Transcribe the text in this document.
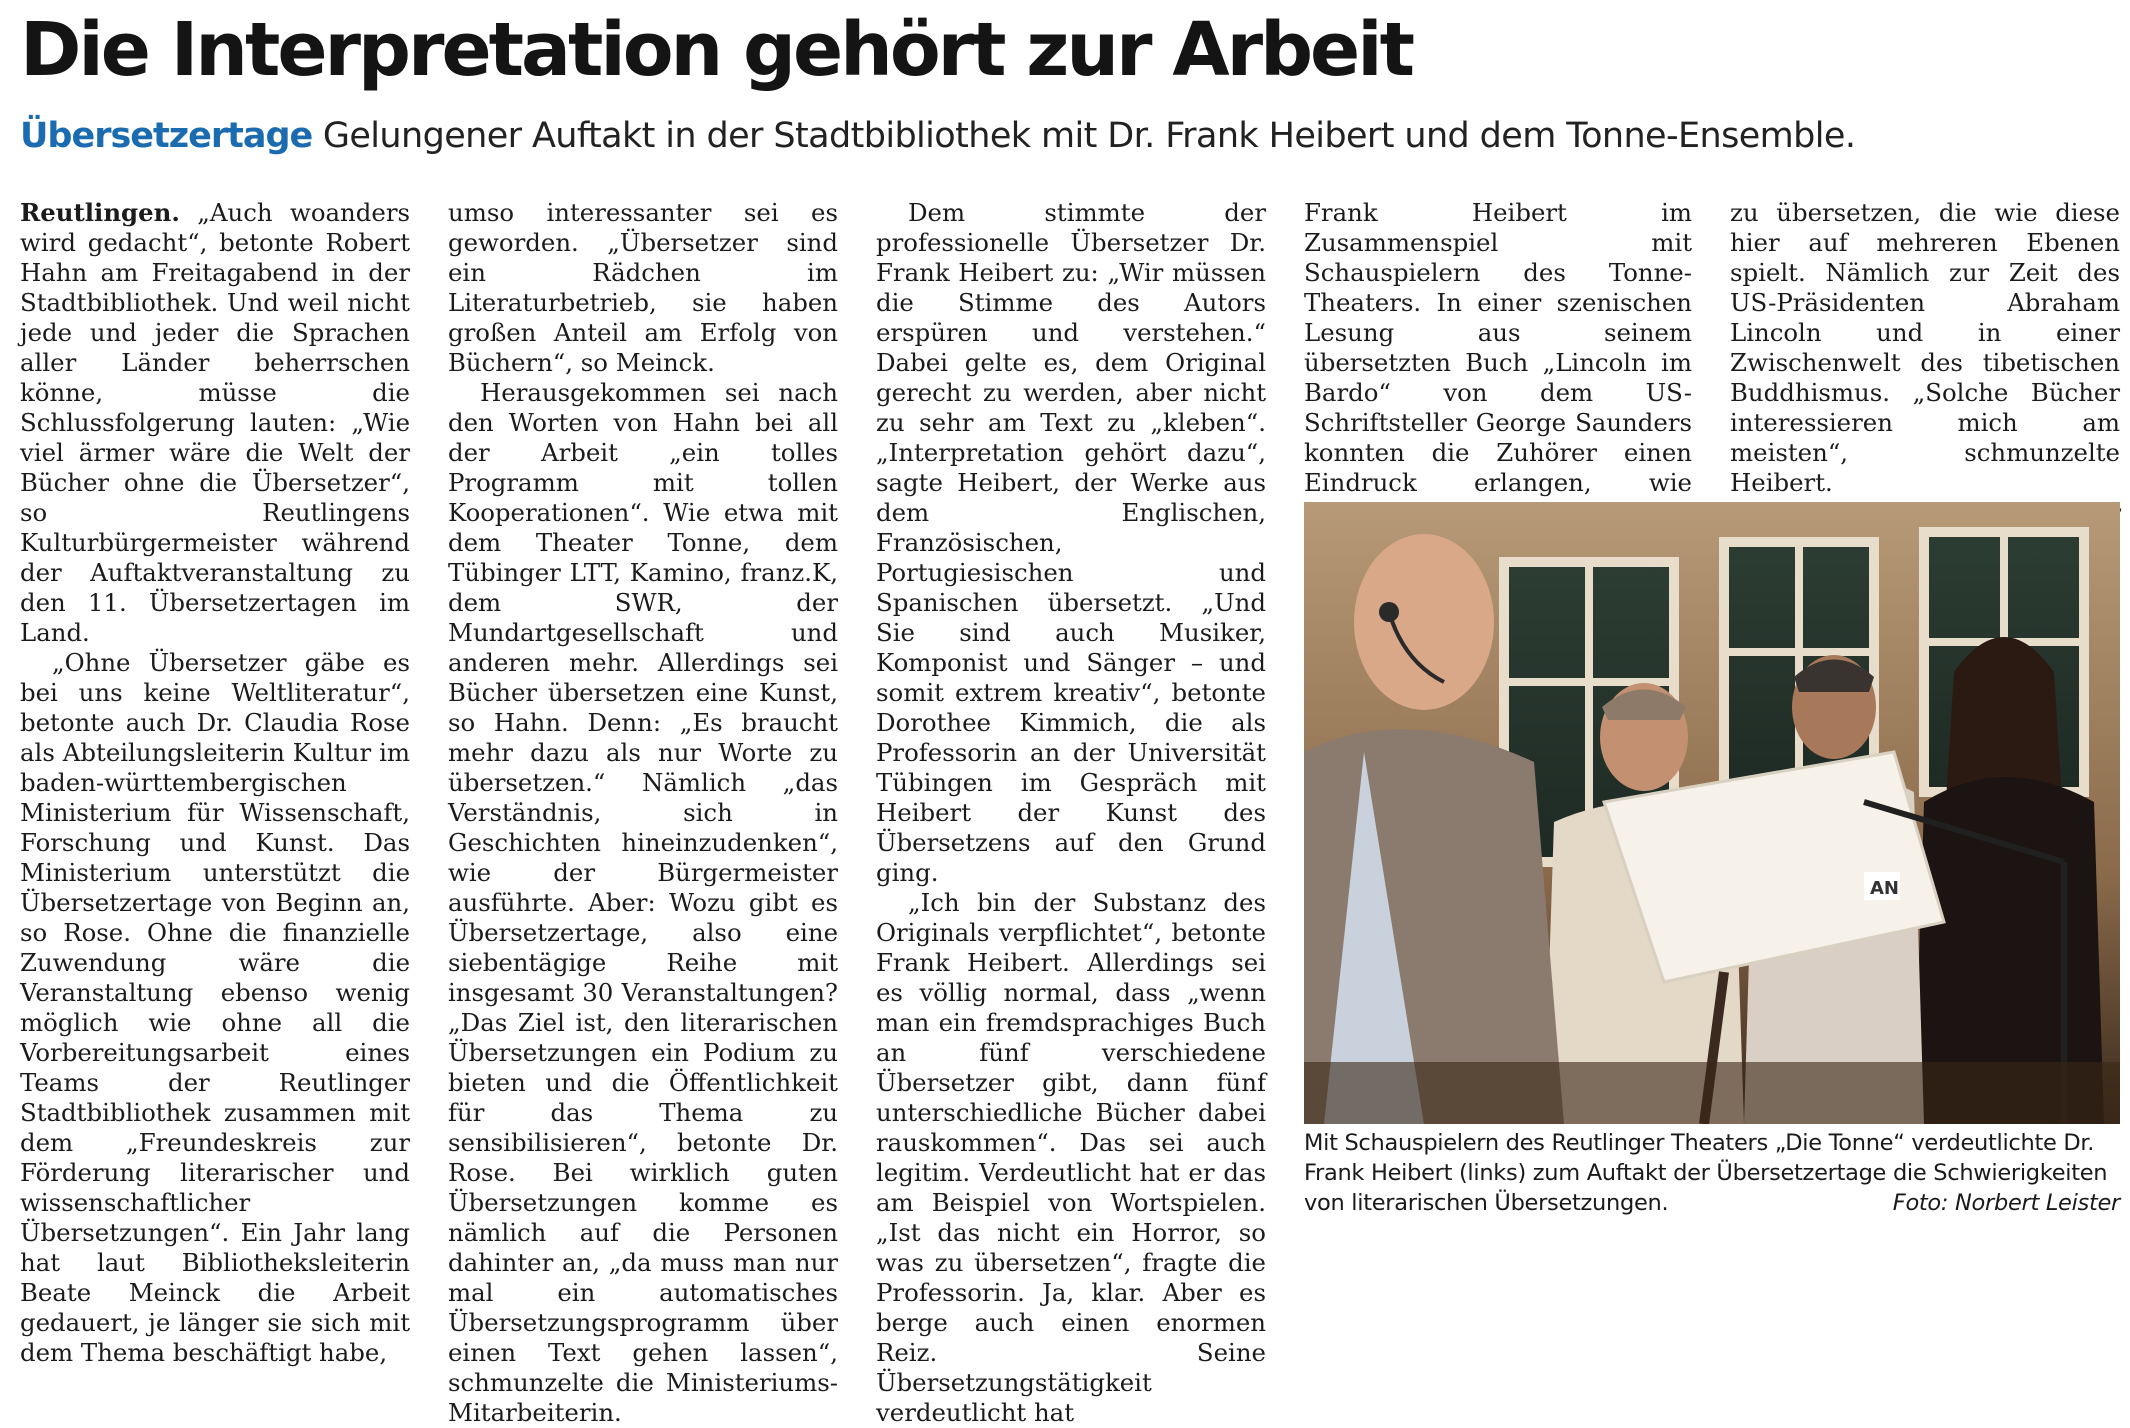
Die Interpretation gehört zur Arbeit
Übersetzertage Gelungener Auftakt in der Stadtbibliothek mit Dr. Frank Heibert und dem Tonne-Ensemble.

Reutlingen. „Auch woanders wird gedacht“, betonte Robert Hahn am Freitagabend in der Stadtbibliothek. Und weil nicht jede und jeder die Sprachen aller Länder beherrschen könne, müsse die Schlussfolgerung lauten: „Wie viel ärmer wäre die Welt der Bücher ohne die Übersetzer“, so Reutlingens Kulturbürgermeister während der Auftaktveranstaltung zu den 11. Übersetzertagen im Land.

„Ohne Übersetzer gäbe es bei uns keine Weltliteratur“, betonte auch Dr. Claudia Rose als Abteilungsleiterin Kultur im baden-württembergischen Ministerium für Wissenschaft, Forschung und Kunst. Das Ministerium unterstützt die Übersetzertage von Beginn an, so Rose. Ohne die finanzielle Zuwendung wäre die Veranstaltung ebenso wenig möglich wie ohne all die Vorbereitungsarbeit eines Teams der Reutlinger Stadtbibliothek zusammen mit dem „Freundeskreis zur Förderung literarischer und wissenschaftlicher Übersetzungen“. Ein Jahr lang hat laut Bibliotheksleiterin Beate Meinck die Arbeit gedauert, je länger sie sich mit dem Thema beschäftigt habe,

umso interessanter sei es geworden. „Übersetzer sind ein Rädchen im Literaturbetrieb, sie haben großen Anteil am Erfolg von Büchern“, so Meinck.

Herausgekommen sei nach den Worten von Hahn bei all der Arbeit „ein tolles Programm mit tollen Kooperationen“. Wie etwa mit dem Theater Tonne, dem Tübinger LTT, Kamino, franz.K, dem SWR, der Mundartgesellschaft und anderen mehr. Allerdings sei Bücher übersetzen eine Kunst, so Hahn. Denn: „Es braucht mehr dazu als nur Worte zu übersetzen.“ Nämlich „das Verständnis, sich in Geschichten hineinzudenken“, wie der Bürgermeister ausführte. Aber: Wozu gibt es Übersetzertage, also eine siebentägige Reihe mit insgesamt 30 Veranstaltungen? „Das Ziel ist, den literarischen Übersetzungen ein Podium zu bieten und die Öffentlichkeit für das Thema zu sensibilisieren“, betonte Dr. Rose. Bei wirklich guten Übersetzungen komme es nämlich auf die Personen dahinter an, „da muss man nur mal ein automatisches Übersetzungsprogramm über einen Text gehen lassen“, schmunzelte die Ministeriums-Mitarbeiterin.

Dem stimmte der professionelle Übersetzer Dr. Frank Heibert zu: „Wir müssen die Stimme des Autors erspüren und verstehen.“ Dabei gelte es, dem Original gerecht zu werden, aber nicht zu sehr am Text zu „kleben“. „Interpretation gehört dazu“, sagte Heibert, der Werke aus dem Englischen, Französischen, Portugiesischen und Spanischen übersetzt. „Und Sie sind auch Musiker, Komponist und Sänger – und somit extrem kreativ“, betonte Dorothee Kimmich, die als Professorin an der Universität Tübingen im Gespräch mit Heibert der Kunst des Übersetzens auf den Grund ging.

„Ich bin der Substanz des Originals verpflichtet“, betonte Frank Heibert. Allerdings sei es völlig normal, dass „wenn man ein fremdsprachiges Buch an fünf verschiedene Übersetzer gibt, dann fünf unterschiedliche Bücher dabei rauskommen“. Das sei auch legitim. Verdeutlicht hat er das am Beispiel von Wortspielen. „Ist das nicht ein Horror, so was zu übersetzen“, fragte die Professorin. Ja, klar. Aber es berge auch einen enormen Reiz. Seine Übersetzungstätigkeit verdeutlicht hat

Frank Heibert im Zusammenspiel mit Schauspielern des Tonne-Theaters. In einer szenischen Lesung aus seinem übersetzten Buch „Lincoln im Bardo“ von dem US-Schriftsteller George Saunders konnten die Zuhörer einen Eindruck erlangen, wie

zu übersetzen, die wie diese hier auf mehreren Ebenen spielt. Nämlich zur Zeit des US-Präsidenten Abraham Lincoln und in einer Zwischenwelt des tibetischen Buddhismus. „Solche Bücher interessieren mich am meisten“, schmunzelte Heibert.

AN
Mit Schauspielern des Reutlinger Theaters „Die Tonne“ verdeutlichte Dr. Frank Heibert (links) zum Auftakt der Übersetzertage die Schwierigkeiten von literarischen Übersetzungen.	Foto: Norbert Leister
